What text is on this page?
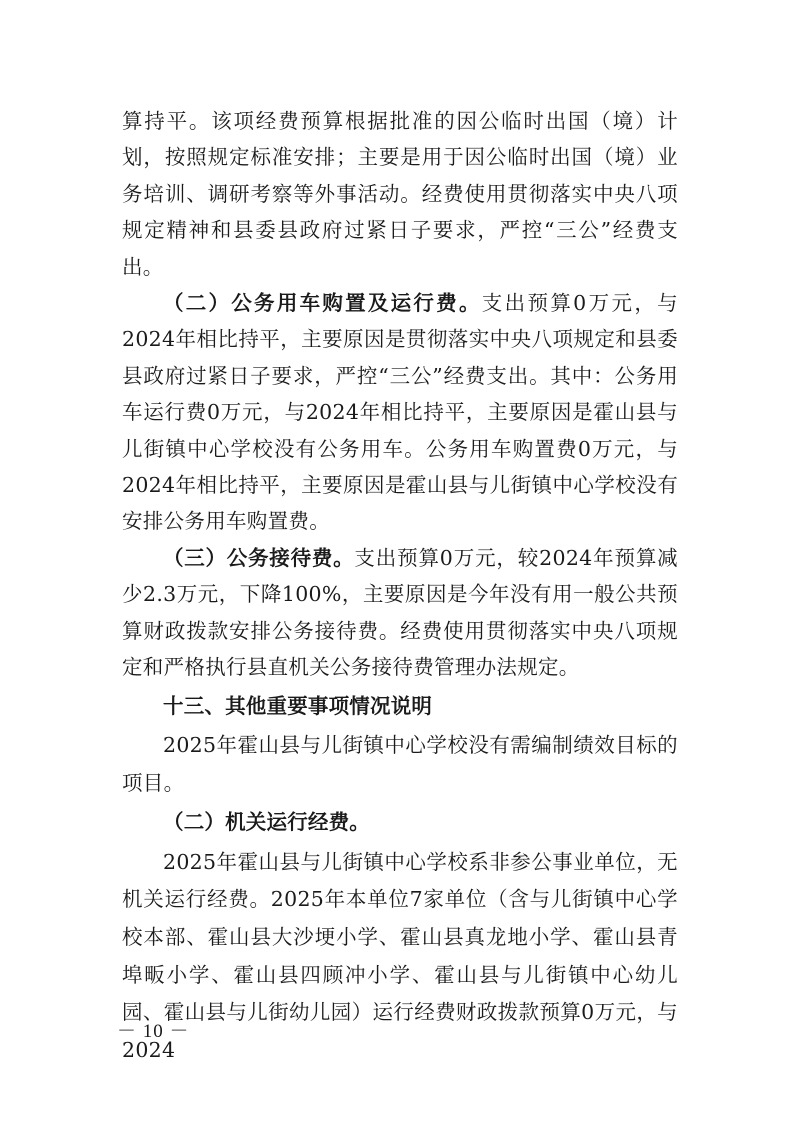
算持平。该项经费预算根据批准的因公临时出国（境）计划，按照规定标准安排；主要是用于因公临时出国（境）业务培训、调研考察等外事活动。经费使用贯彻落实中央八项规定精神和县委县政府过紧日子要求，严控“三公”经费支出。

（二）公务用车购置及运行费。支出预算0万元，与2024年相比持平，主要原因是贯彻落实中央八项规定和县委县政府过紧日子要求，严控“三公”经费支出。其中：公务用车运行费0万元，与2024年相比持平，主要原因是霍山县与儿街镇中心学校没有公务用车。公务用车购置费0万元，与2024年相比持平，主要原因是霍山县与儿街镇中心学校没有安排公务用车购置费。

（三）公务接待费。支出预算0万元，较2024年预算减少2.3万元，下降100%，主要原因是今年没有用一般公共预算财政拨款安排公务接待费。经费使用贯彻落实中央八项规定和严格执行县直机关公务接待费管理办法规定。

十三、其他重要事项情况说明

2025年霍山县与儿街镇中心学校没有需编制绩效目标的项目。

（二）机关运行经费。

2025年霍山县与儿街镇中心学校系非参公事业单位，无机关运行经费。2025年本单位7家单位（含与儿街镇中心学校本部、霍山县大沙埂小学、霍山县真龙地小学、霍山县青埠畈小学、霍山县四顾冲小学、霍山县与儿街镇中心幼儿园、霍山县与儿街幼儿园）运行经费财政拨款预算0万元，与2024

－ 10 －
